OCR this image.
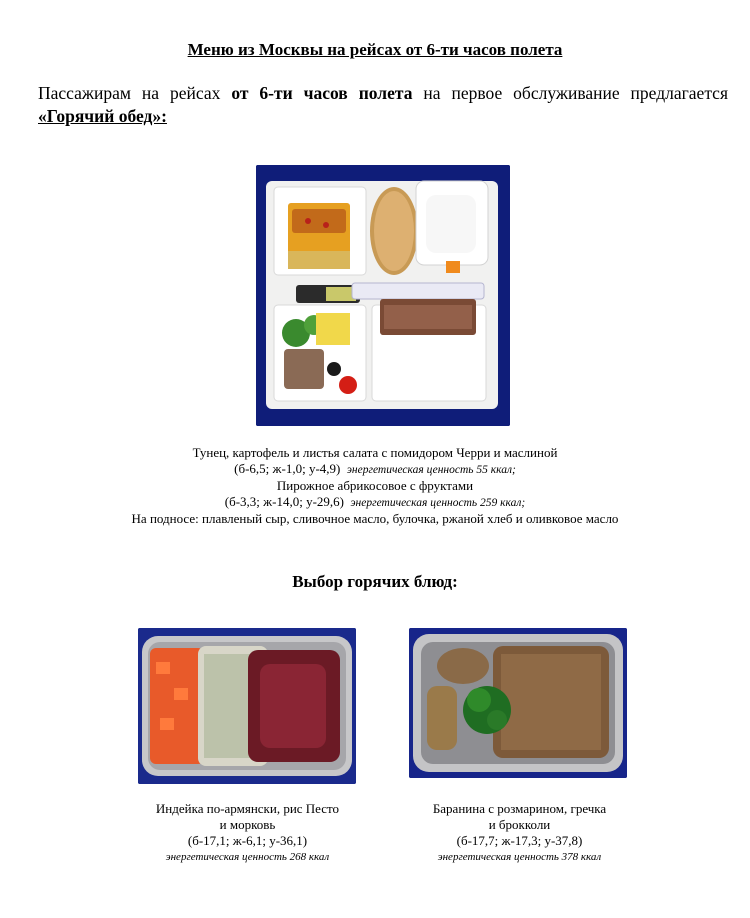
Меню из Москвы на рейсах от 6-ти часов полета
Пассажирам на рейсах от 6-ти часов полета на первое обслуживание предлагается «Горячий обед»:
Тунец, картофель и листья салата с помидором Черри и маслиной
(б-6,5; ж-1,0; у-4,9) энергетическая ценность 55 ккал;
Пирожное абрикосовое с фруктами
(б-3,3; ж-14,0; у-29,6) энергетическая ценность 259 ккал;
На подносе: плавленый сыр, сливочное масло, булочка, ржаной хлеб и оливковое масло
Выбор горячих блюд:
Индейка по-армянски, рис Песто
и морковь
(б-17,1; ж-6,1; у-36,1)
энергетическая ценность 268 ккал
Баранина с розмарином, гречка
и брокколи
(б-17,7; ж-17,3; у-37,8)
энергетическая ценность 378 ккал
